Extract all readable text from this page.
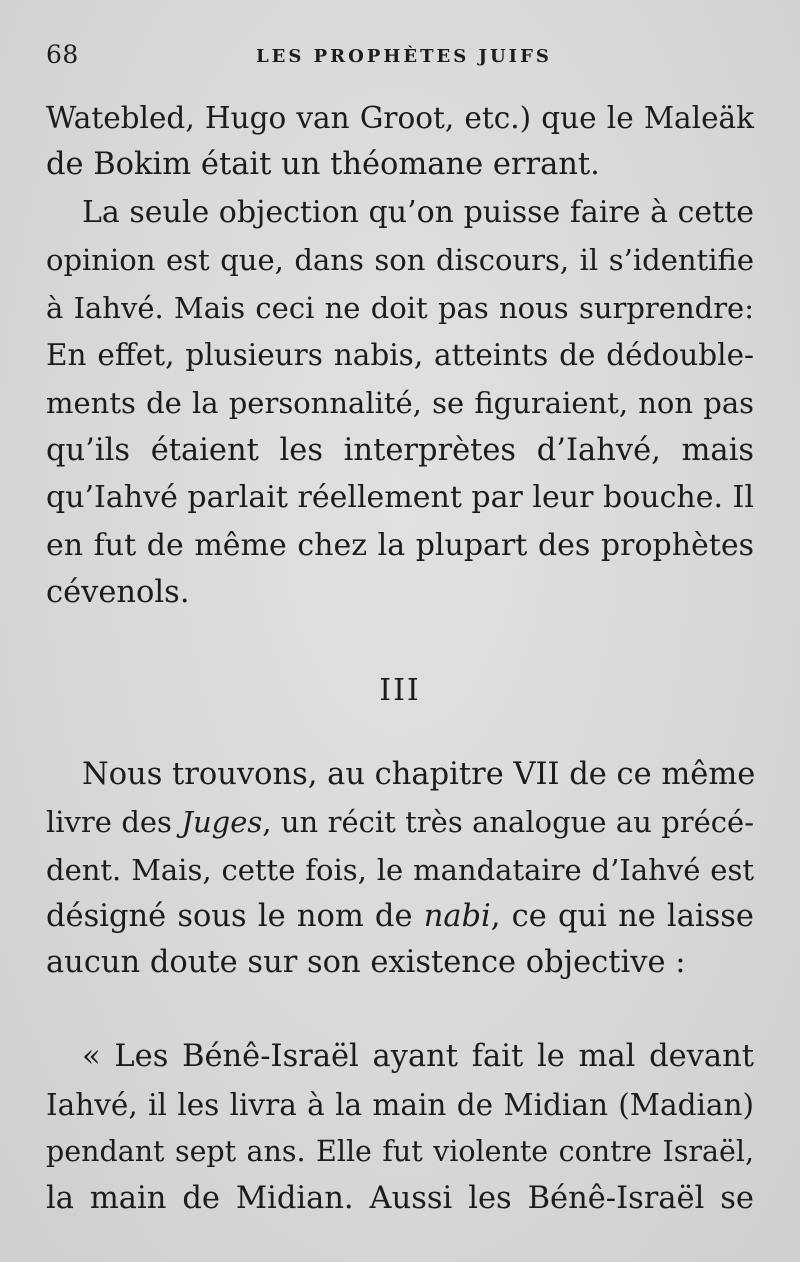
68	LES PROPHÈTES JUIFS
Watebled, Hugo van Groot, etc.) que le Maleäk
de Bokim était un théomane errant.
La seule objection qu’on puisse faire à cette
opinion est que, dans son discours, il s’identifie
à Iahvé. Mais ceci ne doit pas nous surprendre:
En effet, plusieurs nabis, atteints de dédouble-
ments de la personnalité, se figuraient, non pas
qu’ils étaient les interprètes d’Iahvé, mais
qu’Iahvé parlait réellement par leur bouche. Il
en fut de même chez la plupart des prophètes
cévenols.
III
Nous trouvons, au chapitre VII de ce même
livre des Juges, un récit très analogue au précé-
dent. Mais, cette fois, le mandataire d’Iahvé est
désigné sous le nom de nabi, ce qui ne laisse
aucun doute sur son existence objective :
« Les Bénê-Israël ayant fait le mal devant
Iahvé, il les livra à la main de Midian (Madian)
pendant sept ans. Elle fut violente contre Israël,
la main de Midian. Aussi les Bénê-Israël se
